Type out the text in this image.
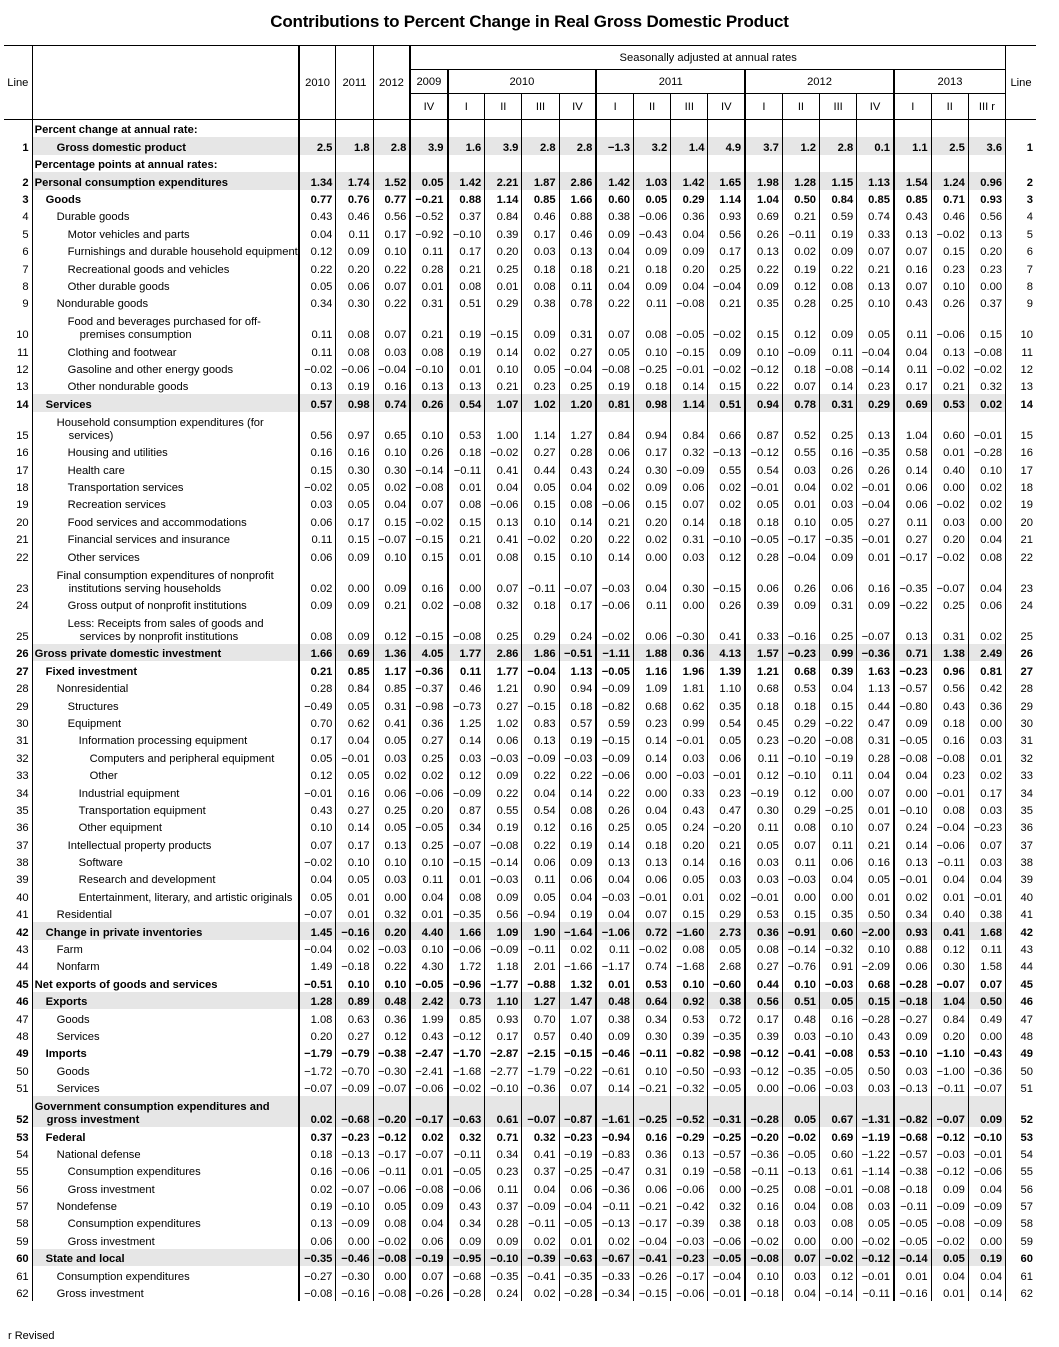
Contributions to Percent Change in Real Gross Domestic Product
Line		2010	2011	2012	Seasonally adjusted at annual rates																Line
					2009	2010				2011				2012				2013			
					IV	I	II	III	IV	I	II	III	IV	I	II	III	IV	I	II	III r	
	Percent change at annual rate:																				
1	Gross domestic product	2.5	1.8	2.8	3.9	1.6	3.9	2.8	2.8	−1.3	3.2	1.4	4.9	3.7	1.2	2.8	0.1	1.1	2.5	3.6	1
	Percentage points at annual rates:																				
2	Personal consumption expenditures	1.34	1.74	1.52	0.05	1.42	2.21	1.87	2.86	1.42	1.03	1.42	1.65	1.98	1.28	1.15	1.13	1.54	1.24	0.96	2
3	Goods	0.77	0.76	0.77	−0.21	0.88	1.14	0.85	1.66	0.60	0.05	0.29	1.14	1.04	0.50	0.84	0.85	0.85	0.71	0.93	3
4	Durable goods	0.43	0.46	0.56	−0.52	0.37	0.84	0.46	0.88	0.38	−0.06	0.36	0.93	0.69	0.21	0.59	0.74	0.43	0.46	0.56	4
5	Motor vehicles and parts	0.04	0.11	0.17	−0.92	−0.10	0.39	0.17	0.46	0.09	−0.43	0.04	0.56	0.26	−0.11	0.19	0.33	0.13	−0.02	0.13	5
6	Furnishings and durable household equipment	0.12	0.09	0.10	0.11	0.17	0.20	0.03	0.13	0.04	0.09	0.09	0.17	0.13	0.02	0.09	0.07	0.07	0.15	0.20	6
7	Recreational goods and vehicles	0.22	0.20	0.22	0.28	0.21	0.25	0.18	0.18	0.21	0.18	0.20	0.25	0.22	0.19	0.22	0.21	0.16	0.23	0.23	7
8	Other durable goods	0.05	0.06	0.07	0.01	0.08	0.01	0.08	0.11	0.04	0.09	0.04	−0.04	0.09	0.12	0.08	0.13	0.07	0.10	0.00	8
9	Nondurable goods	0.34	0.30	0.22	0.31	0.51	0.29	0.38	0.78	0.22	0.11	−0.08	0.21	0.35	0.28	0.25	0.10	0.43	0.26	0.37	9
10	Food and beverages purchased for off-premises consumption	0.11	0.08	0.07	0.21	0.19	−0.15	0.09	0.31	0.07	0.08	−0.05	−0.02	0.15	0.12	0.09	0.05	0.11	−0.06	0.15	10
11	Clothing and footwear	0.11	0.08	0.03	0.08	0.19	0.14	0.02	0.27	0.05	0.10	−0.15	0.09	0.10	−0.09	0.11	−0.04	0.04	0.13	−0.08	11
12	Gasoline and other energy goods	−0.02	−0.06	−0.04	−0.10	0.01	0.10	0.05	−0.04	−0.08	−0.25	−0.01	−0.02	−0.12	0.18	−0.08	−0.14	0.11	−0.02	−0.02	12
13	Other nondurable goods	0.13	0.19	0.16	0.13	0.13	0.21	0.23	0.25	0.19	0.18	0.14	0.15	0.22	0.07	0.14	0.23	0.17	0.21	0.32	13
14	Services	0.57	0.98	0.74	0.26	0.54	1.07	1.02	1.20	0.81	0.98	1.14	0.51	0.94	0.78	0.31	0.29	0.69	0.53	0.02	14
15	Household consumption expenditures (for services)	0.56	0.97	0.65	0.10	0.53	1.00	1.14	1.27	0.84	0.94	0.84	0.66	0.87	0.52	0.25	0.13	1.04	0.60	−0.01	15
16	Housing and utilities	0.16	0.16	0.10	0.26	0.18	−0.02	0.27	0.28	0.06	0.17	0.32	−0.13	−0.12	0.55	0.16	−0.35	0.58	0.01	−0.28	16
17	Health care	0.15	0.30	0.30	−0.14	−0.11	0.41	0.44	0.43	0.24	0.30	−0.09	0.55	0.54	0.03	0.26	0.26	0.14	0.40	0.10	17
18	Transportation services	−0.02	0.05	0.02	−0.08	0.01	0.04	0.05	0.04	0.02	0.09	0.06	0.02	−0.01	0.04	0.02	−0.01	0.06	0.00	0.02	18
19	Recreation services	0.03	0.05	0.04	0.07	0.08	−0.06	0.15	0.08	−0.06	0.15	0.07	0.02	0.05	0.01	0.03	−0.04	0.06	−0.02	0.02	19
20	Food services and accommodations	0.06	0.17	0.15	−0.02	0.15	0.13	0.10	0.14	0.21	0.20	0.14	0.18	0.18	0.10	0.05	0.27	0.11	0.03	0.00	20
21	Financial services and insurance	0.11	0.15	−0.07	−0.15	0.21	0.41	−0.02	0.20	0.22	0.02	0.31	−0.10	−0.05	−0.17	−0.35	−0.01	0.27	0.20	0.04	21
22	Other services	0.06	0.09	0.10	0.15	0.01	0.08	0.15	0.10	0.14	0.00	0.03	0.12	0.28	−0.04	0.09	0.01	−0.17	−0.02	0.08	22
23	Final consumption expenditures of nonprofit institutions serving households	0.02	0.00	0.09	0.16	0.00	0.07	−0.11	−0.07	−0.03	0.04	0.30	−0.15	0.06	0.26	0.06	0.16	−0.35	−0.07	0.04	23
24	Gross output of nonprofit institutions	0.09	0.09	0.21	0.02	−0.08	0.32	0.18	0.17	−0.06	0.11	0.00	0.26	0.39	0.09	0.31	0.09	−0.22	0.25	0.06	24
25	Less: Receipts from sales of goods and services by nonprofit institutions	0.08	0.09	0.12	−0.15	−0.08	0.25	0.29	0.24	−0.02	0.06	−0.30	0.41	0.33	−0.16	0.25	−0.07	0.13	0.31	0.02	25
26	Gross private domestic investment	1.66	0.69	1.36	4.05	1.77	2.86	1.86	−0.51	−1.11	1.88	0.36	4.13	1.57	−0.23	0.99	−0.36	0.71	1.38	2.49	26
27	Fixed investment	0.21	0.85	1.17	−0.36	0.11	1.77	−0.04	1.13	−0.05	1.16	1.96	1.39	1.21	0.68	0.39	1.63	−0.23	0.96	0.81	27
28	Nonresidential	0.28	0.84	0.85	−0.37	0.46	1.21	0.90	0.94	−0.09	1.09	1.81	1.10	0.68	0.53	0.04	1.13	−0.57	0.56	0.42	28
29	Structures	−0.49	0.05	0.31	−0.98	−0.73	0.27	−0.15	0.18	−0.82	0.68	0.62	0.35	0.18	0.18	0.15	0.44	−0.80	0.43	0.36	29
30	Equipment	0.70	0.62	0.41	0.36	1.25	1.02	0.83	0.57	0.59	0.23	0.99	0.54	0.45	0.29	−0.22	0.47	0.09	0.18	0.00	30
31	Information processing equipment	0.17	0.04	0.05	0.27	0.14	0.06	0.13	0.19	−0.15	0.14	−0.01	0.05	0.23	−0.20	−0.08	0.31	−0.05	0.16	0.03	31
32	Computers and peripheral equipment	0.05	−0.01	0.03	0.25	0.03	−0.03	−0.09	−0.03	−0.09	0.14	0.03	0.06	0.11	−0.10	−0.19	0.28	−0.08	−0.08	0.01	32
33	Other	0.12	0.05	0.02	0.02	0.12	0.09	0.22	0.22	−0.06	0.00	−0.03	−0.01	0.12	−0.10	0.11	0.04	0.04	0.23	0.02	33
34	Industrial equipment	−0.01	0.16	0.06	−0.06	−0.09	0.22	0.04	0.14	0.22	0.00	0.33	0.23	−0.19	0.12	0.00	0.07	0.00	−0.01	0.17	34
35	Transportation equipment	0.43	0.27	0.25	0.20	0.87	0.55	0.54	0.08	0.26	0.04	0.43	0.47	0.30	0.29	−0.25	0.01	−0.10	0.08	0.03	35
36	Other equipment	0.10	0.14	0.05	−0.05	0.34	0.19	0.12	0.16	0.25	0.05	0.24	−0.20	0.11	0.08	0.10	0.07	0.24	−0.04	−0.23	36
37	Intellectual property products	0.07	0.17	0.13	0.25	−0.07	−0.08	0.22	0.19	0.14	0.18	0.20	0.21	0.05	0.07	0.11	0.21	0.14	−0.06	0.07	37
38	Software	−0.02	0.10	0.10	0.10	−0.15	−0.14	0.06	0.09	0.13	0.13	0.14	0.16	0.03	0.11	0.06	0.16	0.13	−0.11	0.03	38
39	Research and development	0.04	0.05	0.03	0.11	0.01	−0.03	0.11	0.06	0.04	0.06	0.05	0.03	0.03	−0.03	0.04	0.05	−0.01	0.04	0.04	39
40	Entertainment, literary, and artistic originals	0.05	0.01	0.00	0.04	0.08	0.09	0.05	0.04	−0.03	−0.01	0.01	0.02	−0.01	0.00	0.00	0.01	0.02	0.01	−0.01	40
41	Residential	−0.07	0.01	0.32	0.01	−0.35	0.56	−0.94	0.19	0.04	0.07	0.15	0.29	0.53	0.15	0.35	0.50	0.34	0.40	0.38	41
42	Change in private inventories	1.45	−0.16	0.20	4.40	1.66	1.09	1.90	−1.64	−1.06	0.72	−1.60	2.73	0.36	−0.91	0.60	−2.00	0.93	0.41	1.68	42
43	Farm	−0.04	0.02	−0.03	0.10	−0.06	−0.09	−0.11	0.02	0.11	−0.02	0.08	0.05	0.08	−0.14	−0.32	0.10	0.88	0.12	0.11	43
44	Nonfarm	1.49	−0.18	0.22	4.30	1.72	1.18	2.01	−1.66	−1.17	0.74	−1.68	2.68	0.27	−0.76	0.91	−2.09	0.06	0.30	1.58	44
45	Net exports of goods and services	−0.51	0.10	0.10	−0.05	−0.96	−1.77	−0.88	1.32	0.01	0.53	0.10	−0.60	0.44	0.10	−0.03	0.68	−0.28	−0.07	0.07	45
46	Exports	1.28	0.89	0.48	2.42	0.73	1.10	1.27	1.47	0.48	0.64	0.92	0.38	0.56	0.51	0.05	0.15	−0.18	1.04	0.50	46
47	Goods	1.08	0.63	0.36	1.99	0.85	0.93	0.70	1.07	0.38	0.34	0.53	0.72	0.17	0.48	0.16	−0.28	−0.27	0.84	0.49	47
48	Services	0.20	0.27	0.12	0.43	−0.12	0.17	0.57	0.40	0.09	0.30	0.39	−0.35	0.39	0.03	−0.10	0.43	0.09	0.20	0.00	48
49	Imports	−1.79	−0.79	−0.38	−2.47	−1.70	−2.87	−2.15	−0.15	−0.46	−0.11	−0.82	−0.98	−0.12	−0.41	−0.08	0.53	−0.10	−1.10	−0.43	49
50	Goods	−1.72	−0.70	−0.30	−2.41	−1.68	−2.77	−1.79	−0.22	−0.61	0.10	−0.50	−0.93	−0.12	−0.35	−0.05	0.50	0.03	−1.00	−0.36	50
51	Services	−0.07	−0.09	−0.07	−0.06	−0.02	−0.10	−0.36	0.07	0.14	−0.21	−0.32	−0.05	0.00	−0.06	−0.03	0.03	−0.13	−0.11	−0.07	51
52	Government consumption expenditures and gross investment	0.02	−0.68	−0.20	−0.17	−0.63	0.61	−0.07	−0.87	−1.61	−0.25	−0.52	−0.31	−0.28	0.05	0.67	−1.31	−0.82	−0.07	0.09	52
53	Federal	0.37	−0.23	−0.12	0.02	0.32	0.71	0.32	−0.23	−0.94	0.16	−0.29	−0.25	−0.20	−0.02	0.69	−1.19	−0.68	−0.12	−0.10	53
54	National defense	0.18	−0.13	−0.17	−0.07	−0.11	0.34	0.41	−0.19	−0.83	0.36	0.13	−0.57	−0.36	−0.05	0.60	−1.22	−0.57	−0.03	−0.01	54
55	Consumption expenditures	0.16	−0.06	−0.11	0.01	−0.05	0.23	0.37	−0.25	−0.47	0.31	0.19	−0.58	−0.11	−0.13	0.61	−1.14	−0.38	−0.12	−0.06	55
56	Gross investment	0.02	−0.07	−0.06	−0.08	−0.06	0.11	0.04	0.06	−0.36	0.06	−0.06	0.00	−0.25	0.08	−0.01	−0.08	−0.18	0.09	0.04	56
57	Nondefense	0.19	−0.10	0.05	0.09	0.43	0.37	−0.09	−0.04	−0.11	−0.21	−0.42	0.32	0.16	0.04	0.08	0.03	−0.11	−0.09	−0.09	57
58	Consumption expenditures	0.13	−0.09	0.08	0.04	0.34	0.28	−0.11	−0.05	−0.13	−0.17	−0.39	0.38	0.18	0.03	0.08	0.05	−0.05	−0.08	−0.09	58
59	Gross investment	0.06	0.00	−0.02	0.06	0.09	0.09	0.02	0.01	0.02	−0.04	−0.03	−0.06	−0.02	0.00	0.00	−0.02	−0.05	−0.02	0.00	59
60	State and local	−0.35	−0.46	−0.08	−0.19	−0.95	−0.10	−0.39	−0.63	−0.67	−0.41	−0.23	−0.05	−0.08	0.07	−0.02	−0.12	−0.14	0.05	0.19	60
61	Consumption expenditures	−0.27	−0.30	0.00	0.07	−0.68	−0.35	−0.41	−0.35	−0.33	−0.26	−0.17	−0.04	0.10	0.03	0.12	−0.01	0.01	0.04	0.04	61
62	Gross investment	−0.08	−0.16	−0.08	−0.26	−0.28	0.24	0.02	−0.28	−0.34	−0.15	−0.06	−0.01	−0.18	0.04	−0.14	−0.11	−0.16	0.01	0.14	62
r Revised
